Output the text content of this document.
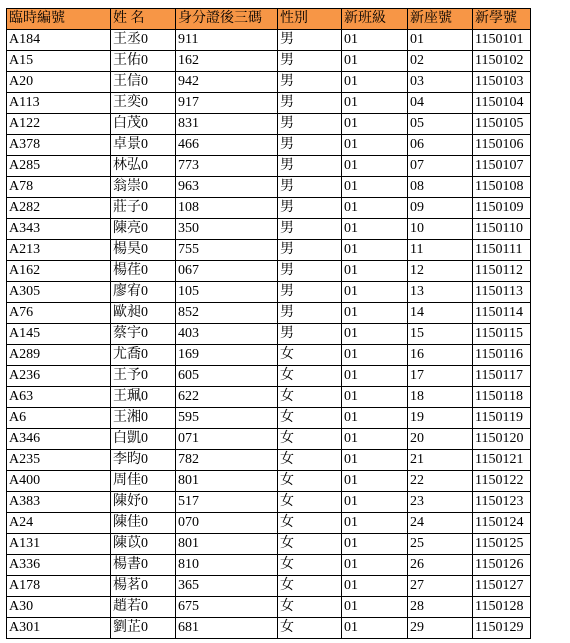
臨時編號	姓 名	身分證後三碼	性別	新班級	新座號	新學號
A184	王丞0	911	男	01	01	1150101
A15	王佑0	162	男	01	02	1150102
A20	王信0	942	男	01	03	1150103
A113	王奕0	917	男	01	04	1150104
A122	白茂0	831	男	01	05	1150105
A378	卓景0	466	男	01	06	1150106
A285	林弘0	773	男	01	07	1150107
A78	翁崇0	963	男	01	08	1150108
A282	莊子0	108	男	01	09	1150109
A343	陳亮0	350	男	01	10	1150110
A213	楊昊0	755	男	01	11	1150111
A162	楊荏0	067	男	01	12	1150112
A305	廖宥0	105	男	01	13	1150113
A76	歐昶0	852	男	01	14	1150114
A145	蔡宇0	403	男	01	15	1150115
A289	尤喬0	169	女	01	16	1150116
A236	王予0	605	女	01	17	1150117
A63	王珮0	622	女	01	18	1150118
A6	王湘0	595	女	01	19	1150119
A346	白凱0	071	女	01	20	1150120
A235	李昀0	782	女	01	21	1150121
A400	周佳0	801	女	01	22	1150122
A383	陳妤0	517	女	01	23	1150123
A24	陳佳0	070	女	01	24	1150124
A131	陳苡0	801	女	01	25	1150125
A336	楊書0	810	女	01	26	1150126
A178	楊茗0	365	女	01	27	1150127
A30	趙若0	675	女	01	28	1150128
A301	劉芷0	681	女	01	29	1150129
